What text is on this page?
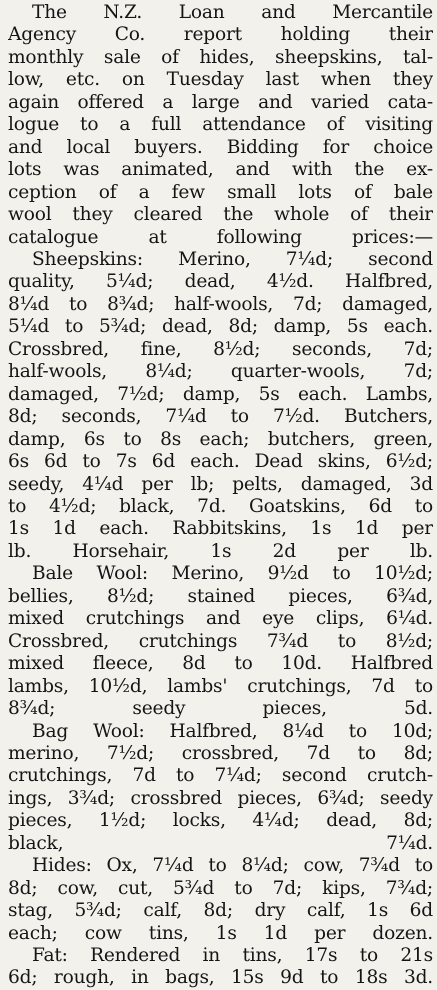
The N.Z. Loan and Mercantile
Agency Co. report holding their
monthly sale of hides, sheepskins, tal-
low, etc. on Tuesday last when they
again offered a large and varied cata-
logue to a full attendance of visiting
and local buyers. Bidding for choice
lots was animated, and with the ex-
ception of a few small lots of bale
wool they cleared the whole of their
catalogue at following prices:—

Sheepskins: Merino, 7¼d; second
quality, 5¼d; dead, 4½d. Halfbred,
8¼d to 8¾d; half-wools, 7d; damaged,
5¼d to 5¾d; dead, 8d; damp, 5s each.
Crossbred, fine, 8½d; seconds, 7d;
half-wools, 8¼d; quarter-wools, 7d;
damaged, 7½d; damp, 5s each. Lambs,
8d; seconds, 7¼d to 7½d. Butchers,
damp, 6s to 8s each; butchers, green,
6s 6d to 7s 6d each. Dead skins, 6½d;
seedy, 4¼d per lb; pelts, damaged, 3d
to 4½d; black, 7d. Goatskins, 6d to
1s 1d each. Rabbitskins, 1s 1d per
lb. Horsehair, 1s 2d per lb.

Bale Wool: Merino, 9½d to 10½d;
bellies, 8½d; stained pieces, 6¾d,
mixed crutchings and eye clips, 6¼d.
Crossbred, crutchings 7¾d to 8½d;
mixed fleece, 8d to 10d. Halfbred
lambs, 10½d, lambs' crutchings, 7d to
8¾d; seedy pieces, 5d.

Bag Wool: Halfbred, 8¼d to 10d;
merino, 7½d; crossbred, 7d to 8d;
crutchings, 7d to 7¼d; second crutch-
ings, 3¾d; crossbred pieces, 6¾d; seedy
pieces, 1½d; locks, 4¼d; dead, 8d;
black, 7¼d.

Hides: Ox, 7¼d to 8¼d; cow, 7¾d to
8d; cow, cut, 5¾d to 7d; kips, 7¾d;
stag, 5¾d; calf, 8d; dry calf, 1s 6d
each; cow tins, 1s 1d per dozen.

Fat: Rendered in tins, 17s to 21s
6d; rough, in bags, 15s 9d to 18s 3d.
